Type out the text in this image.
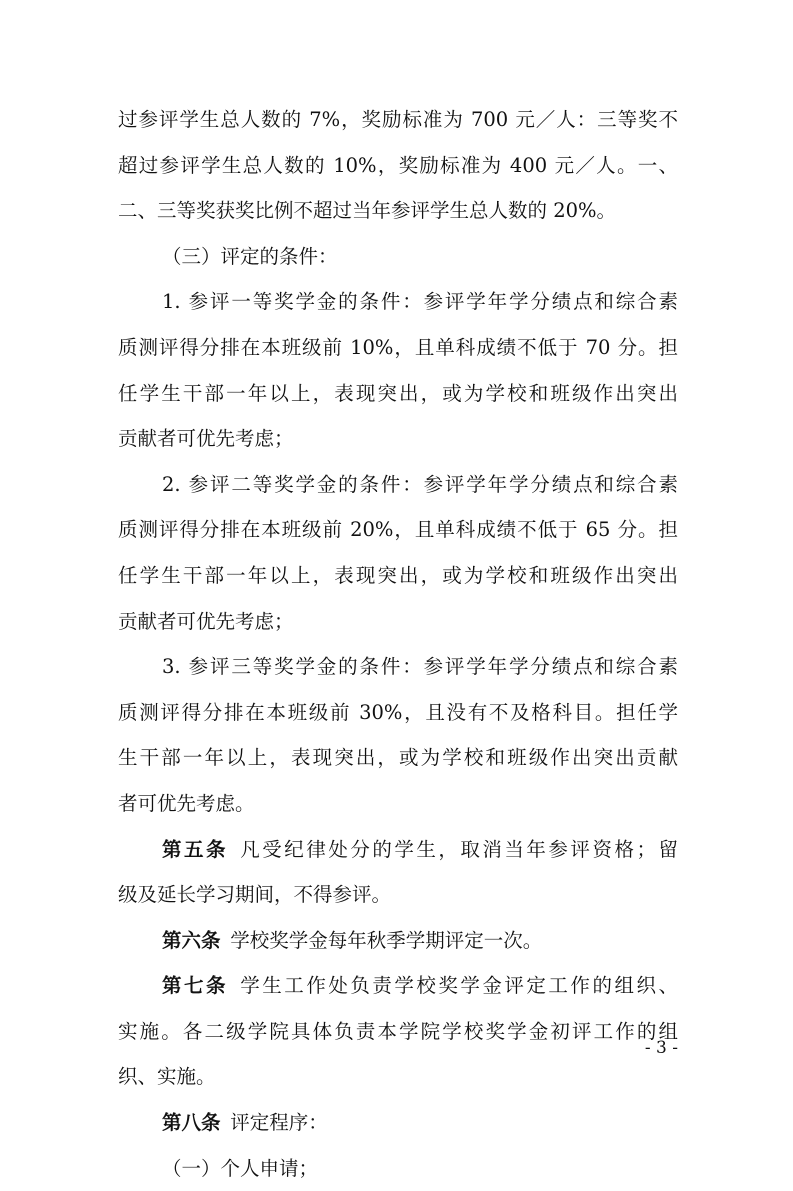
过参评学生总人数的 7%，奖励标准为 700 元／人：三等奖不
超过参评学生总人数的 10%，奖励标准为 400 元／人。一、
二、三等奖获奖比例不超过当年参评学生总人数的 20%。
（三）评定的条件：
1. 参评一等奖学金的条件：参评学年学分绩点和综合素
质测评得分排在本班级前 10%，且单科成绩不低于 70 分。担
任学生干部一年以上，表现突出，或为学校和班级作出突出
贡献者可优先考虑；
2. 参评二等奖学金的条件：参评学年学分绩点和综合素
质测评得分排在本班级前 20%，且单科成绩不低于 65 分。担
任学生干部一年以上，表现突出，或为学校和班级作出突出
贡献者可优先考虑；
3. 参评三等奖学金的条件：参评学年学分绩点和综合素
质测评得分排在本班级前 30%，且没有不及格科目。担任学
生干部一年以上，表现突出，或为学校和班级作出突出贡献
者可优先考虑。
第五条  凡受纪律处分的学生，取消当年参评资格；留
级及延长学习期间，不得参评。
第六条  学校奖学金每年秋季学期评定一次。
第七条  学生工作处负责学校奖学金评定工作的组织、
实施。各二级学院具体负责本学院学校奖学金初评工作的组
织、实施。
第八条  评定程序：
（一）个人申请；
- 3 -
